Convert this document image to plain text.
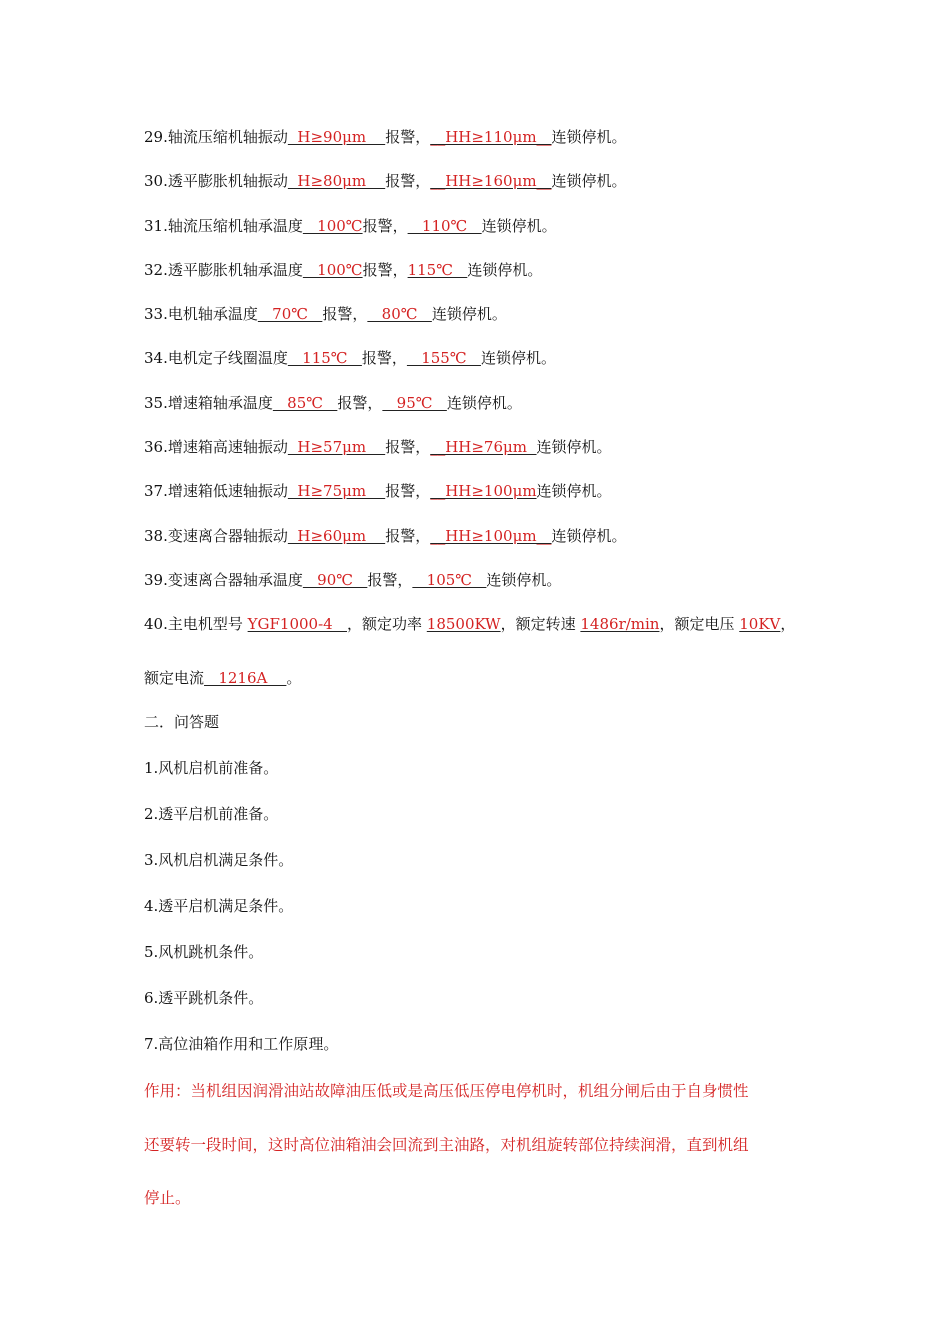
29.轴流压缩机轴振动  H≥90μm    报警，__HH≥110μm__连锁停机。
30.透平膨胀机轴振动  H≥80μm    报警，__HH≥160μm__连锁停机。
31.轴流压缩机轴承温度   100℃报警，   110℃   连锁停机。
32.透平膨胀机轴承温度   100℃报警，115℃   连锁停机。
33.电机轴承温度   70℃   报警，   80℃   连锁停机。
34.电机定子线圈温度   115℃   报警，   155℃   连锁停机。
35.增速箱轴承温度   85℃   报警，   95℃   连锁停机。
36.增速箱高速轴振动  H≥57μm    报警，__HH≥76μm  连锁停机。
37.增速箱低速轴振动  H≥75μm    报警，__HH≥100μm连锁停机。
38.变速离合器轴振动  H≥60μm    报警，__HH≥100μm__连锁停机。
39.变速离合器轴承温度   90℃   报警，   105℃   连锁停机。
40.主电机型号 YGF1000-4   ，额定功率 18500KW，额定转速 1486r/min，额定电压 10KV，
额定电流   1216A    。
二．问答题
1.风机启机前准备。
2.透平启机前准备。
3.风机启机满足条件。
4.透平启机满足条件。
5.风机跳机条件。
6.透平跳机条件。
7.高位油箱作用和工作原理。
作用：当机组因润滑油站故障油压低或是高压低压停电停机时，机组分闸后由于自身惯性
还要转一段时间，这时高位油箱油会回流到主油路，对机组旋转部位持续润滑，直到机组
停止。
